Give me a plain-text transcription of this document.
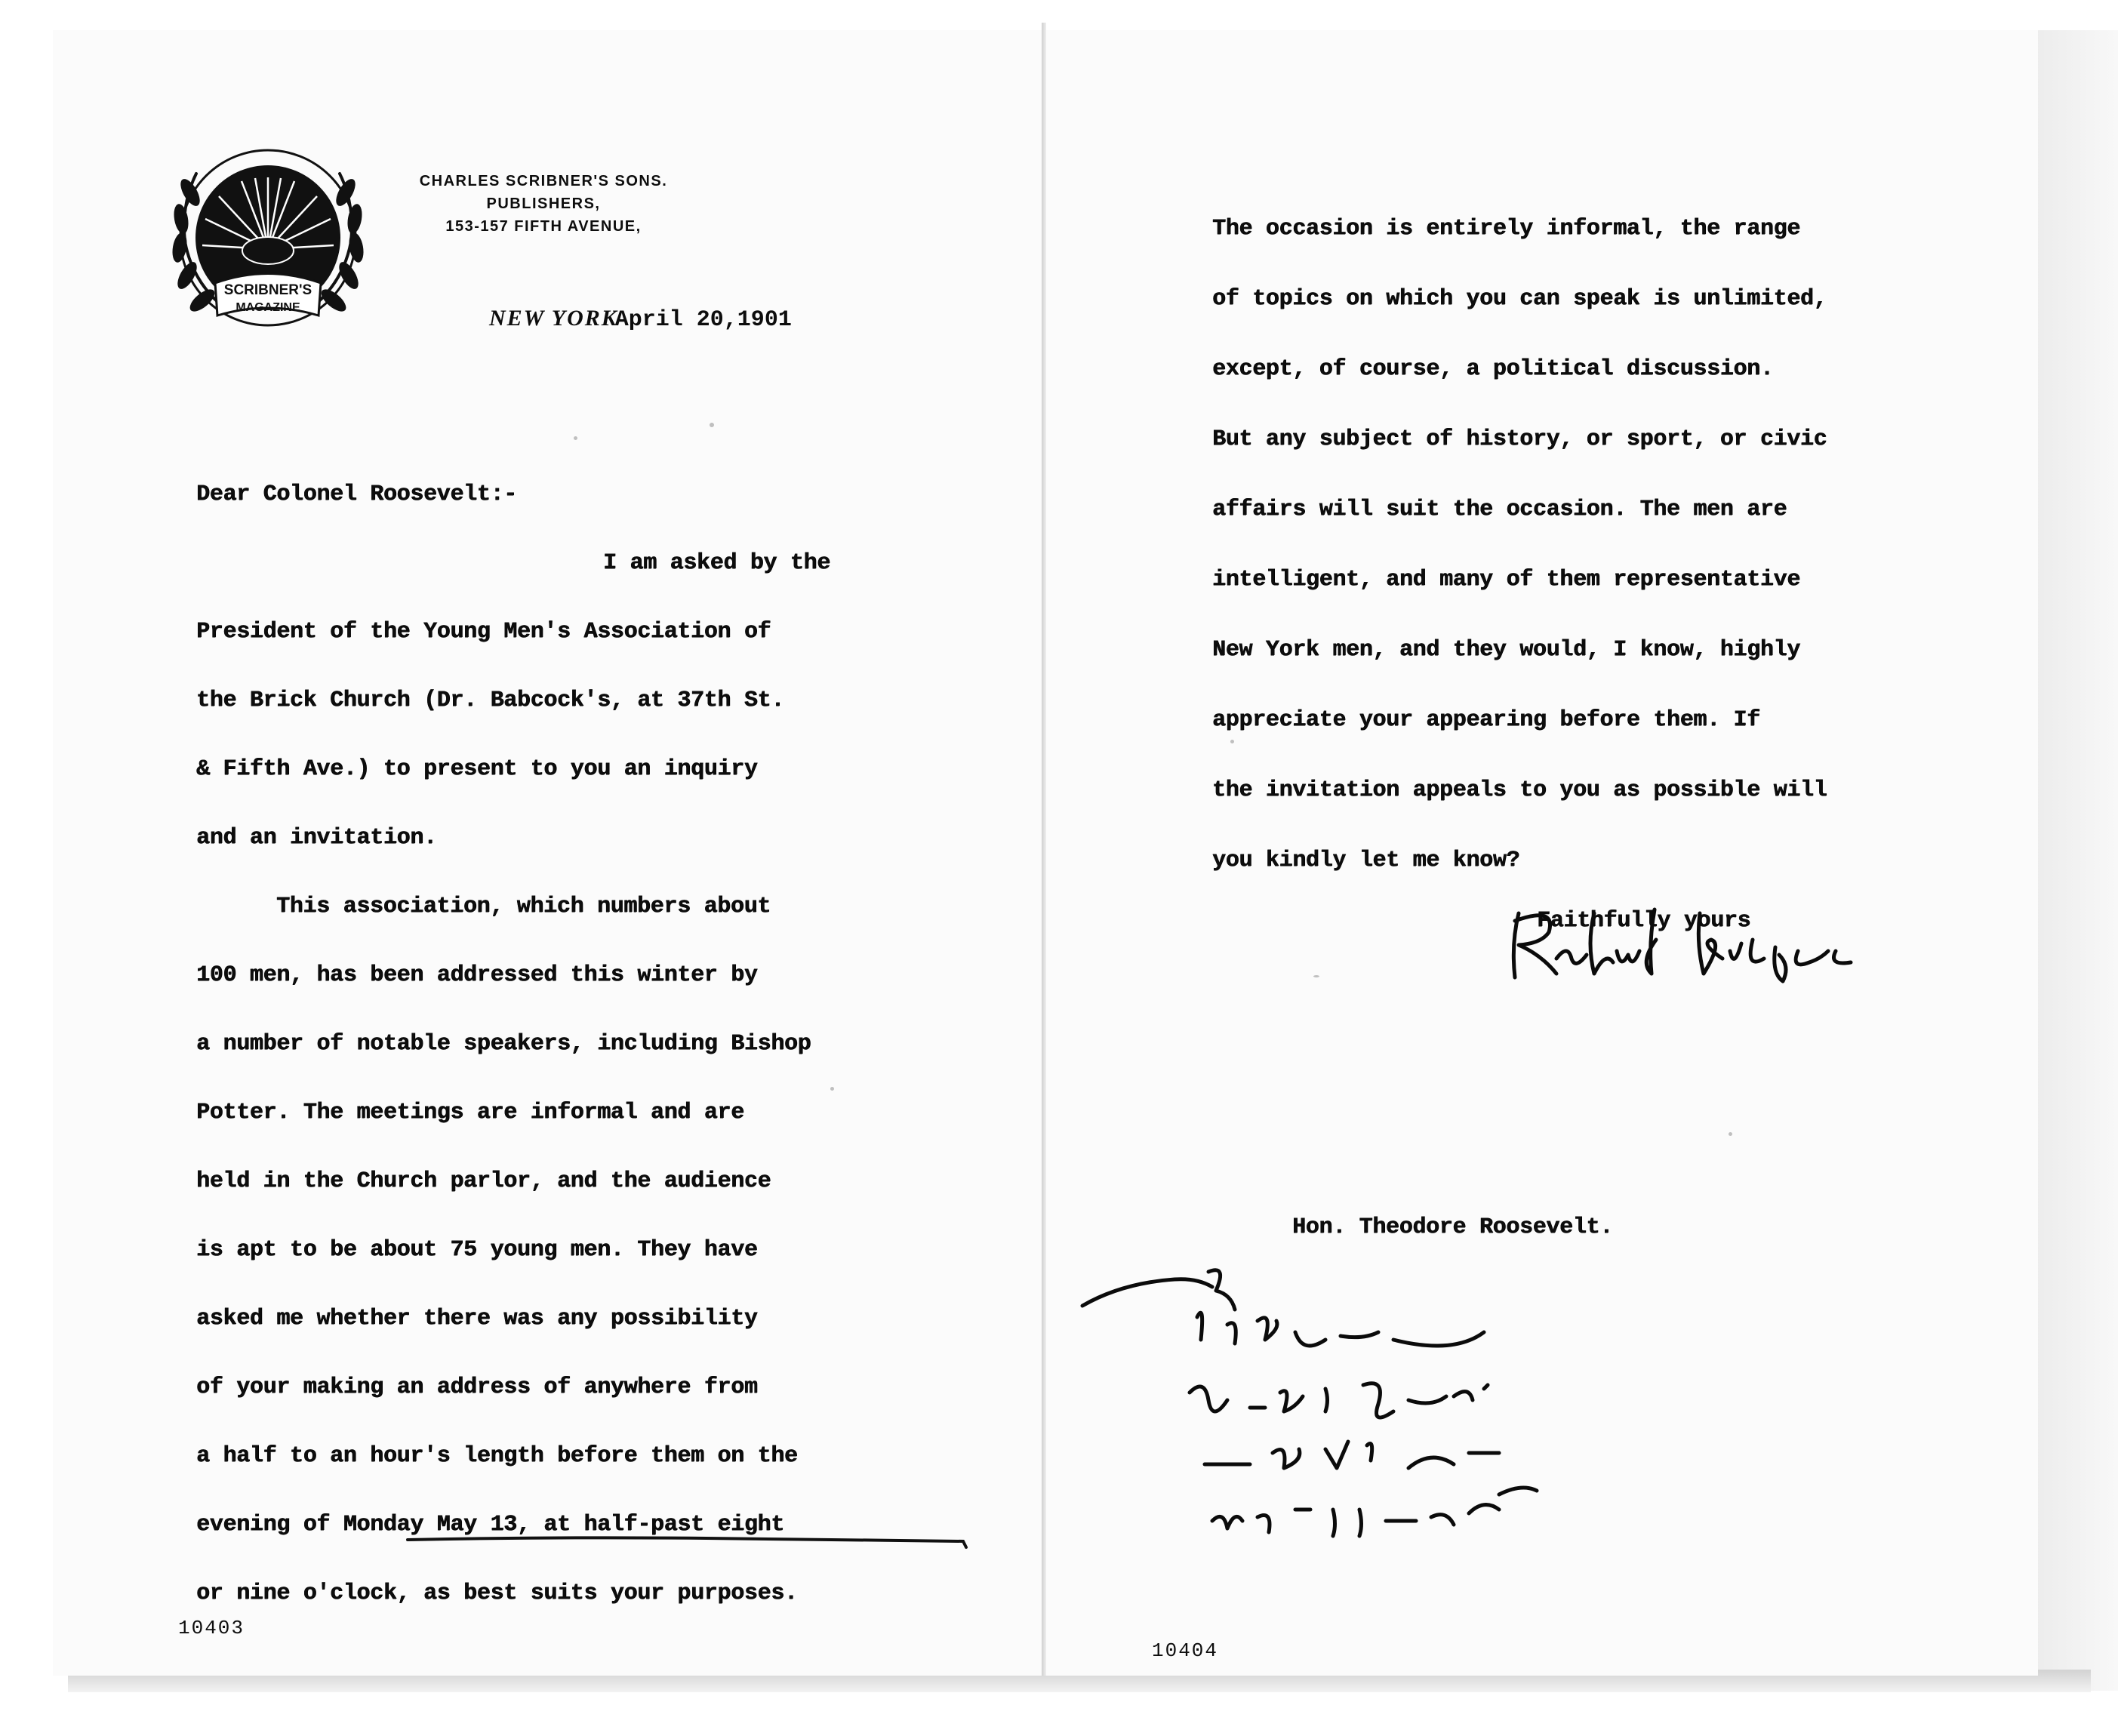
SCRIBNER'S
MAGAZINE
CHARLES SCRIBNER'S SONS.
PUBLISHERS,
153-157 FIFTH AVENUE,
NEW YORKApril 20,1901
Dear Colonel Roosevelt:-
I am asked by the
President of the Young Men's Association of
the Brick Church (Dr. Babcock's, at 37th St.
& Fifth Ave.) to present to you an inquiry
and an invitation.
This association, which numbers about
100 men, has been addressed this winter by
a number of notable speakers, including Bishop
Potter. The meetings are informal and are
held in the Church parlor, and the audience
is apt to be about 75 young men. They have
asked me whether there was any possibility
of your making an address of anywhere from
a half to an hour's length before them on the
evening of Monday May 13, at half-past eight
or nine o'clock, as best suits your purposes.
10403
The occasion is entirely informal, the range
of topics on which you can speak is unlimited,
except, of course, a political discussion.
But any subject of history, or sport, or civic
affairs will suit the occasion. The men are
intelligent, and many of them representative
New York men, and they would, I know, highly
appreciate your appearing before them. If
the invitation appeals to you as possible will
you kindly let me know?
Faithfully yours
Hon. Theodore Roosevelt.
10404
